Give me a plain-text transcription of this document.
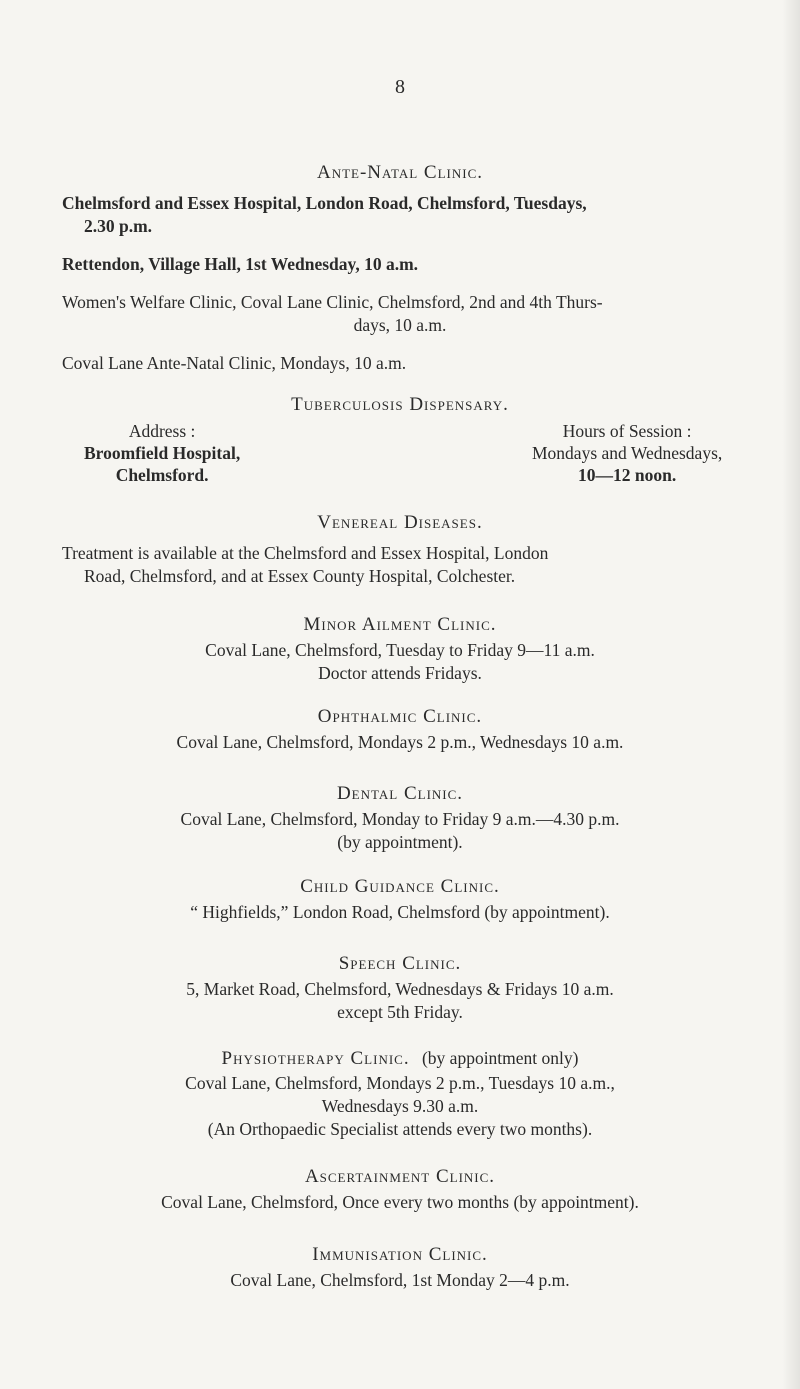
8
Ante-Natal Clinic.
Chelmsford and Essex Hospital, London Road, Chelmsford, Tuesdays,
2.30 p.m.
Rettendon, Village Hall, 1st Wednesday, 10 a.m.
Women's Welfare Clinic, Coval Lane Clinic, Chelmsford, 2nd and 4th Thurs-
days, 10 a.m.
Coval Lane Ante-Natal Clinic, Mondays, 10 a.m.
Tuberculosis Dispensary.
Address :
Broomfield Hospital,
Chelmsford.
Hours of Session :
Mondays and Wednesdays,
10—12 noon.
Venereal Diseases.
Treatment is available at the Chelmsford and Essex Hospital, London
Road, Chelmsford, and at Essex County Hospital, Colchester.
Minor Ailment Clinic.
Coval Lane, Chelmsford, Tuesday to Friday 9—11 a.m.
Doctor attends Fridays.
Ophthalmic Clinic.
Coval Lane, Chelmsford, Mondays 2 p.m., Wednesdays 10 a.m.
Dental Clinic.
Coval Lane, Chelmsford, Monday to Friday 9 a.m.—4.30 p.m.
(by appointment).
Child Guidance Clinic.
“ Highfields,” London Road, Chelmsford (by appointment).
Speech Clinic.
5, Market Road, Chelmsford, Wednesdays & Fridays 10 a.m.
except 5th Friday.
Physiotherapy Clinic. (by appointment only)
Coval Lane, Chelmsford, Mondays 2 p.m., Tuesdays 10 a.m.,
Wednesdays 9.30 a.m.
(An Orthopaedic Specialist attends every two months).
Ascertainment Clinic.
Coval Lane, Chelmsford, Once every two months (by appointment).
Immunisation Clinic.
Coval Lane, Chelmsford, 1st Monday 2—4 p.m.
